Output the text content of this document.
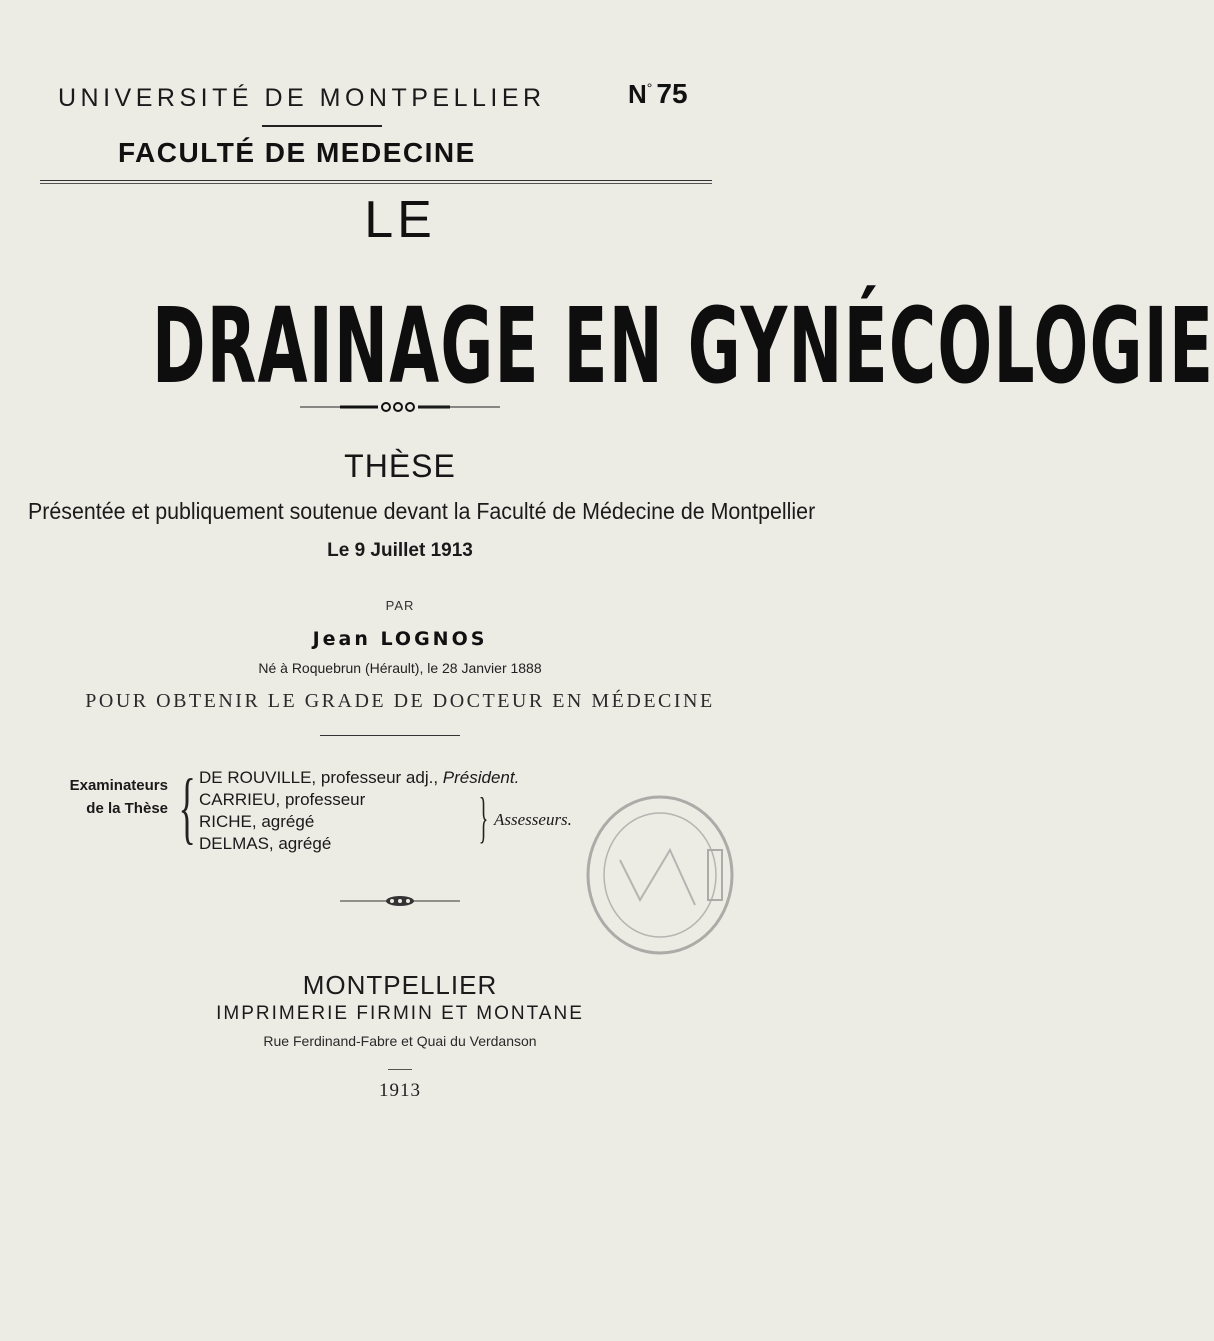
UNIVERSITÉ DE MONTPELLIER	N° 75
FACULTÉ DE MEDECINE
LE
DRAINAGE EN GYNÉCOLOGIE
THÈSE
Présentée et publiquement soutenue devant la Faculté de Médecine de Montpellier
Le 9 Juillet 1913
PAR
Jean LOGNOS
Né à Roquebrun (Hérault), le 28 Janvier 1888
POUR OBTENIR LE GRADE DE DOCTEUR EN MÉDECINE
Examinateurs
de la Thèse { DE ROUVILLE, professeur adj., Président.
CARRIEU, professeur
RICHE, agrégé
DELMAS, agrégé	} Assesseurs.
MONTPELLIER
IMPRIMERIE FIRMIN ET MONTANE
Rue Ferdinand-Fabre et Quai du Verdanson
1913
